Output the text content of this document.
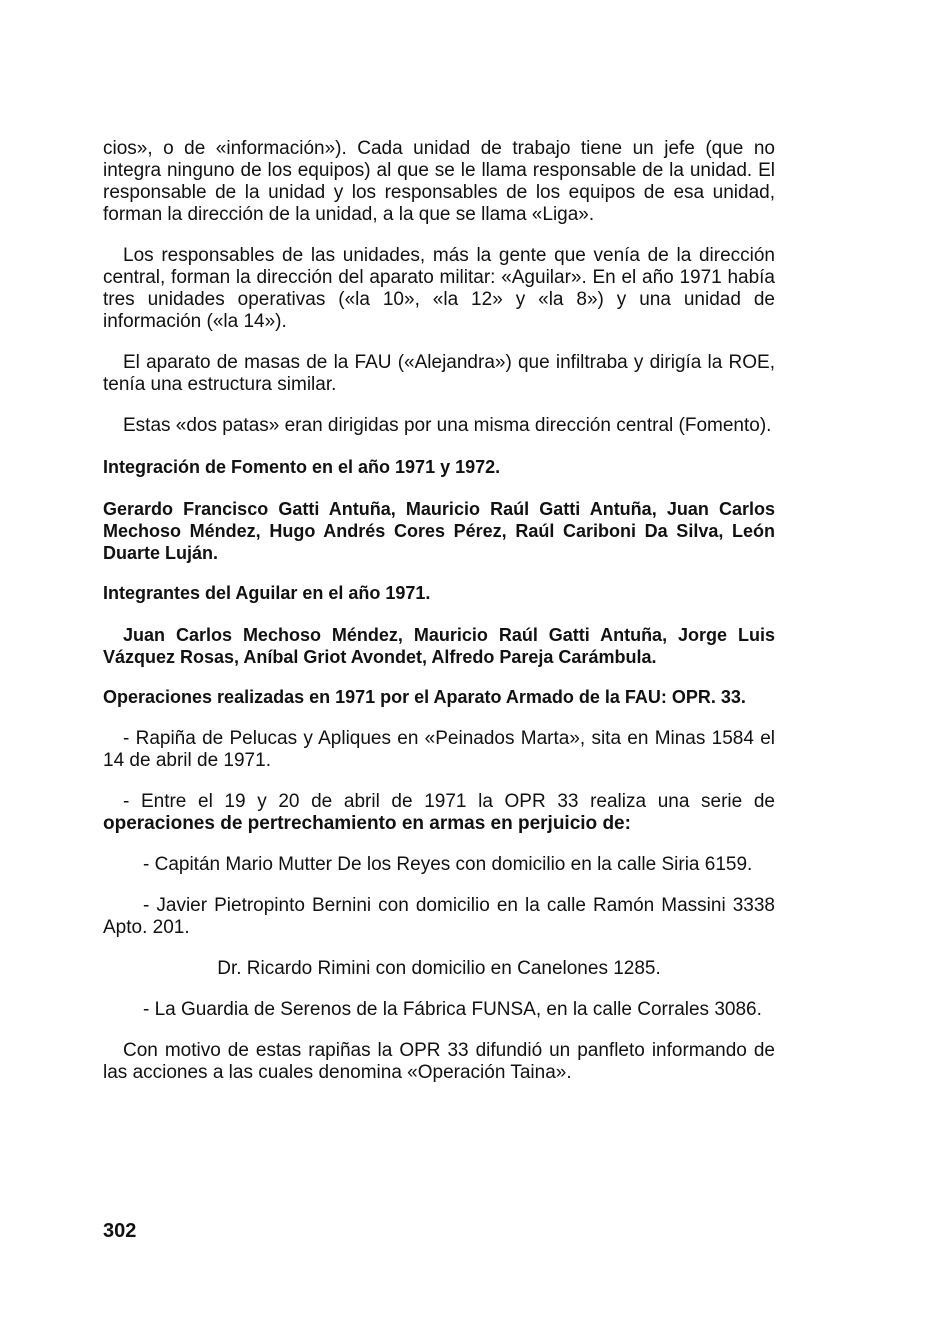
cios», o de «información»). Cada unidad de trabajo tiene un jefe (que no integra ninguno de los equipos) al que se le llama responsable de la unidad. El responsable de la unidad y los responsables de los equipos de esa unidad, forman la dirección de la unidad, a la que se llama «Liga».

Los responsables de las unidades, más la gente que venía de la dirección central, forman la dirección del aparato militar: «Aguilar». En el año 1971 había tres unidades operativas («la 10», «la 12» y «la 8») y una unidad de información («la 14»).

El aparato de masas de la FAU («Alejandra») que infiltraba y dirigía la ROE, tenía una estructura similar.

Estas «dos patas» eran dirigidas por una misma dirección central (Fomento).

Integración de Fomento en el año 1971 y 1972.

Gerardo Francisco Gatti Antuña, Mauricio Raúl Gatti Antuña, Juan Carlos Mechoso Méndez, Hugo Andrés Cores Pérez, Raúl Cariboni Da Silva, León Duarte Luján.

Integrantes del Aguilar en el año 1971.

Juan Carlos Mechoso Méndez, Mauricio Raúl Gatti Antuña, Jorge Luis Vázquez Rosas, Aníbal Griot Avondet, Alfredo Pareja Carámbula.

Operaciones realizadas en 1971 por el Aparato Armado de la FAU: OPR. 33.

- Rapiña de Pelucas y Apliques en «Peinados Marta», sita en Minas 1584 el 14 de abril de 1971.

- Entre el 19 y 20 de abril de 1971 la OPR 33 realiza una serie de operaciones de pertrechamiento en armas en perjuicio de:

- Capitán Mario Mutter De los Reyes con domicilio en la calle Siria 6159.

- Javier Pietropinto Bernini con domicilio en la calle Ramón Massini 3338 Apto. 201.

Dr. Ricardo Rimini con domicilio en Canelones 1285.

- La Guardia de Serenos de la Fábrica FUNSA, en la calle Corrales 3086.

Con motivo de estas rapiñas la OPR 33 difundió un panfleto informando de las acciones a las cuales denomina «Operación Taina».

302
